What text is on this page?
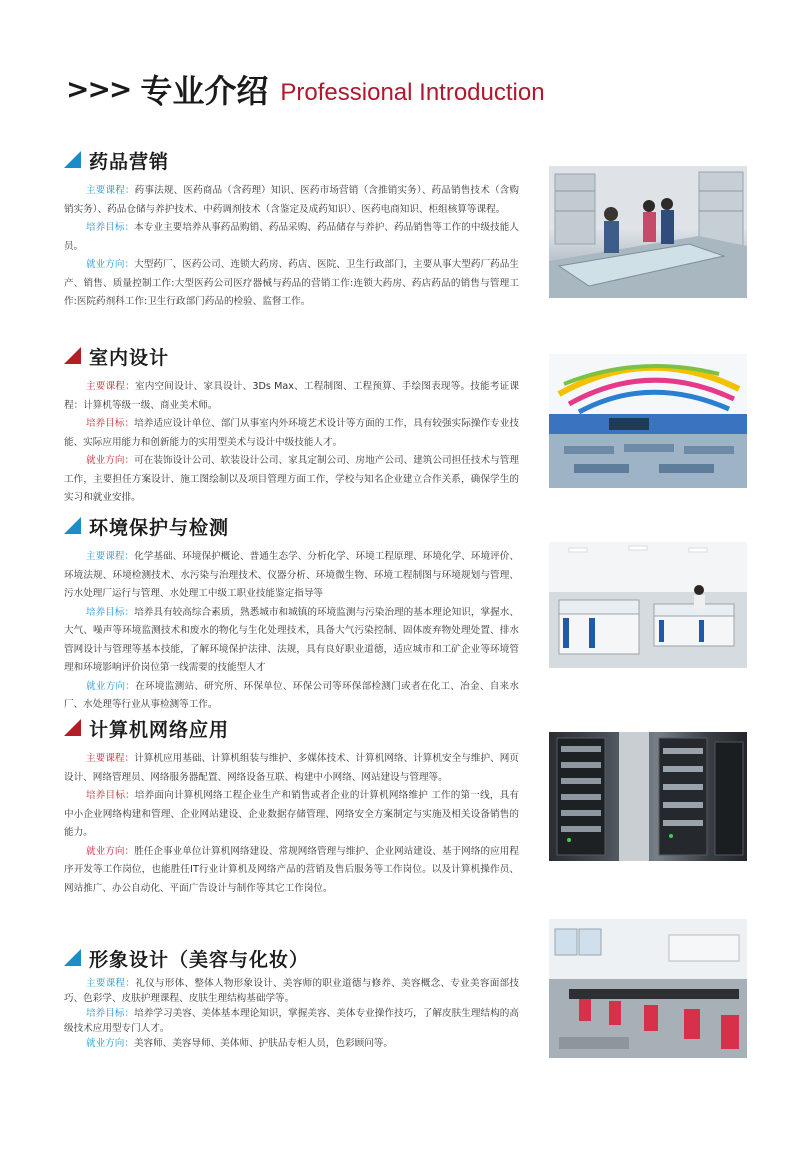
>>> 专业介绍 Professional Introduction
药品营销

主要课程：药事法规、医药商品（含药理）知识、医药市场营销（含推销实务）、药品销售技术（含购销实务）、药品仓储与养护技术、中药调剂技术（含鉴定及成药知识）、医药电商知识、柜组核算等课程。

培养目标：本专业主要培养从事药品购销、药品采购、药品储存与养护、药品销售等工作的中级技能人员。

就业方向：大型药厂、医药公司、连锁大药房、药店、医院、卫生行政部门，主要从事大型药厂药品生产、销售、质量控制工作:大型医药公司医疗器械与药品的营销工作:连锁大药房、药店药品的销售与管理工作:医院药剂科工作:卫生行政部门药品的检验、监督工作。

室内设计

主要课程：室内空间设计、家具设计、3Ds Max、工程制图、工程预算、手绘图表现等。技能考证课程：计算机等级一级、商业美术师。

培养目标：培养适应设计单位、部门从事室内外环境艺术设计等方面的工作，具有较强实际操作专业技能、实际应用能力和创新能力的实用型美术与设计中级技能人才。

就业方向：可在装饰设计公司、软装设计公司、家具定制公司、房地产公司、建筑公司担任技术与管理工作，主要担任方案设计、施工图绘制以及项目管理方面工作，学校与知名企业建立合作关系，确保学生的实习和就业安排。

环境保护与检测

主要课程：化学基础、环境保护概论、普通生态学、分析化学、环境工程原理、环境化学、环境评价、环境法规、环境检测技术、水污染与治理技术、仪器分析、环境微生物、环境工程制图与环境规划与管理、污水处理厂运行与管理、水处理工中级工职业技能鉴定指导等

培养目标：培养具有较高综合素质，熟悉城市和城镇的环境监测与污染治理的基本理论知识，掌握水、大气、噪声等环境监测技术和废水的物化与生化处理技术，具备大气污染控制、固体废弃物处理处置、排水管网设计与管理等基本技能，了解环境保护法律、法规，具有良好职业道德，适应城市和工矿企业等环境管理和环境影响评价岗位第一线需要的技能型人才

就业方向：在环境监测站、研究所、环保单位、环保公司等环保部检测门或者在化工、冶金、自来水厂、水处理等行业从事检测等工作。

计算机网络应用

主要课程：计算机应用基础、计算机组装与维护、多媒体技术、计算机网络、计算机安全与维护、网页设计、网络管理员、网络服务器配置、网络设备互联、构建中小网络、网站建设与管理等。

培养目标：培养面向计算机网络工程企业生产和销售或者企业的计算机网络维护 工作的第一线，具有中小企业网络构建和管理、企业网站建设、企业数据存储管理、网络安全方案制定与实施及相关设备销售的能力。

就业方向：胜任企事业单位计算机网络建设、常规网络管理与维护、企业网站建设、基于网络的应用程序开发等工作岗位，也能胜任IT行业计算机及网络产品的营销及售后服务等工作岗位。以及计算机操作员、网站推广、办公自动化、平面广告设计与制作等其它工作岗位。

形象设计（美容与化妆）

主要课程：礼仪与形体、整体人物形象设计、美容师的职业道德与修养、美容概念、专业美容面部技巧、色彩学、皮肤护理课程、皮肤生理结构基础学等。

培养目标：培养学习美容、美体基本理论知识，掌握美容、美体专业操作技巧，了解皮肤生理结构的高级技术应用型专门人才。

就业方向：美容师、美容导师、美体师、护肤品专柜人员，色彩顾问等。
